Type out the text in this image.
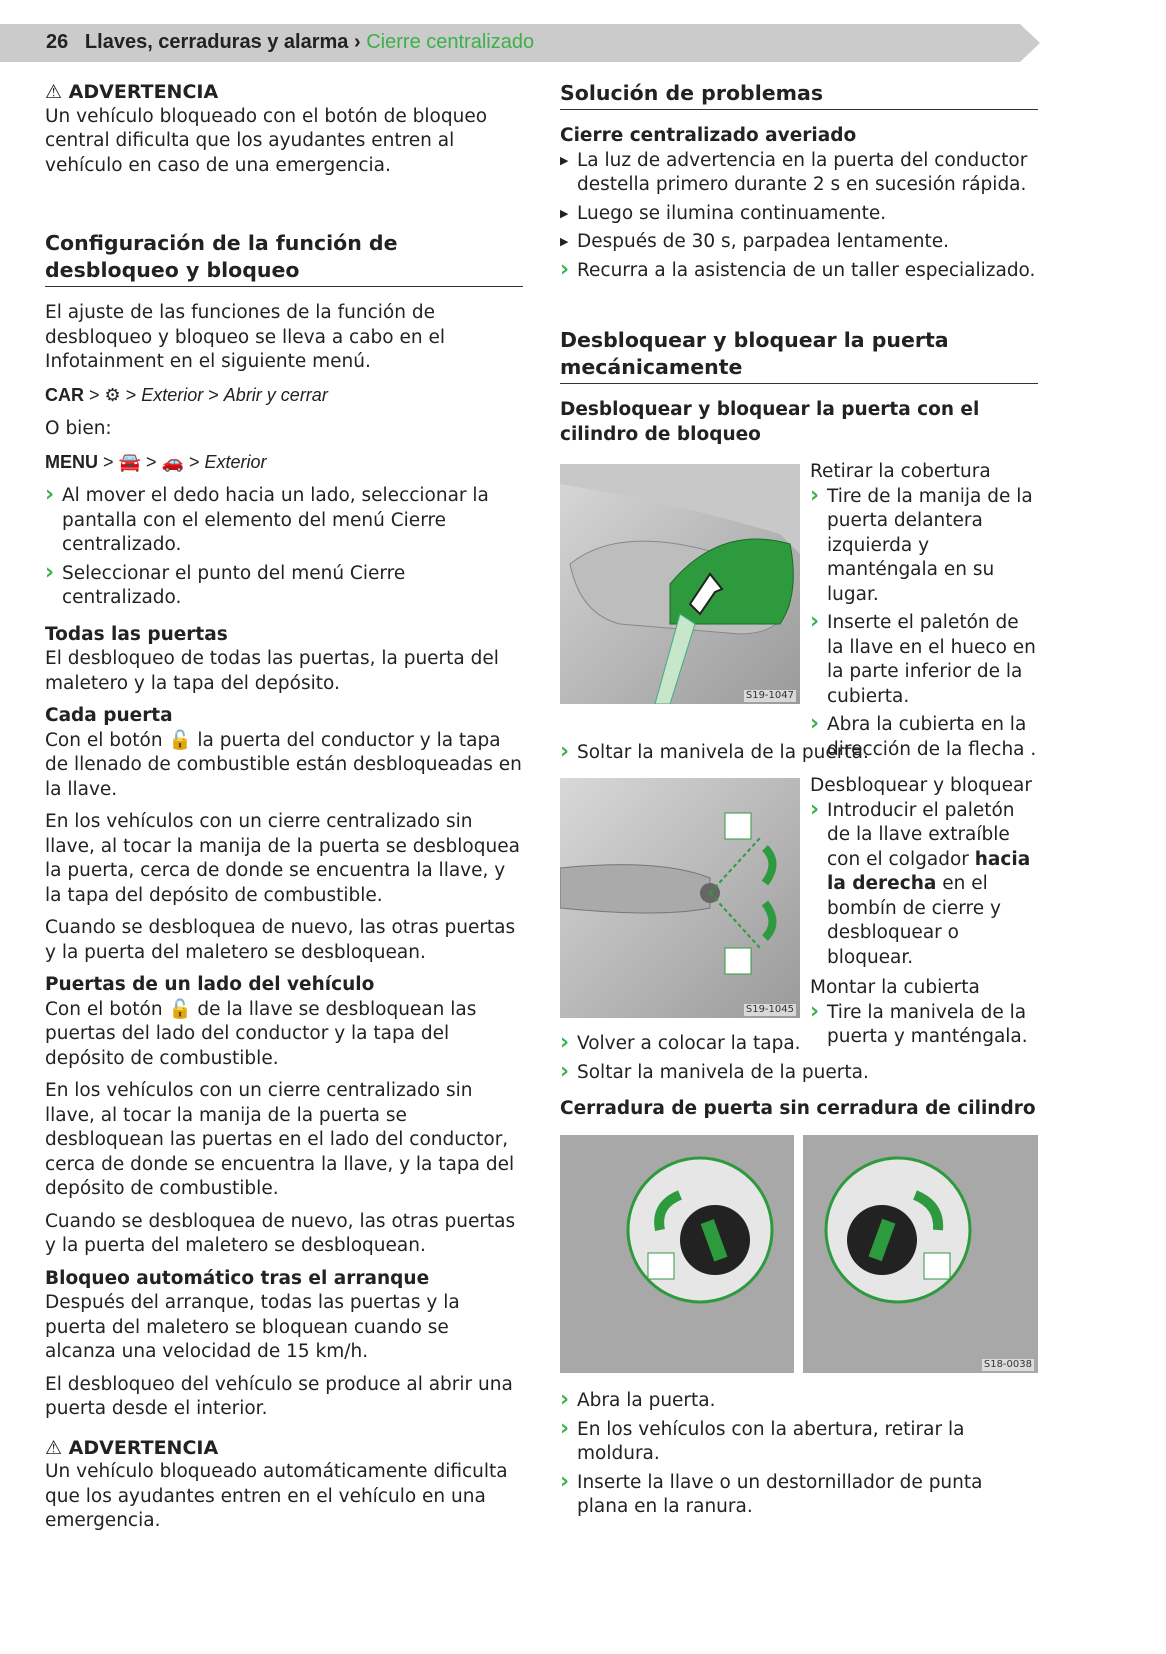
26 Llaves, cerraduras y alarma › Cierre centralizado

⚠ ADVERTENCIA

Un vehículo bloqueado con el botón de bloqueo central dificulta que los ayudantes entren al vehículo en caso de una emergencia.

Configuración de la función de desbloqueo y bloqueo

El ajuste de las funciones de la función de desbloqueo y bloqueo se lleva a cabo en el Infotainment en el siguiente menú.

CAR > ⚙ > Exterior > Abrir y cerrar

O bien:

MENU > 🚘 > 🚗 > Exterior
› Al mover el dedo hacia un lado, seleccionar la pantalla con el elemento del menú Cierre centralizado.
› Seleccionar el punto del menú Cierre centralizado.
Todas las puertas

El desbloqueo de todas las puertas, la puerta del maletero y la tapa del depósito.

Cada puerta

Con el botón 🔓 la puerta del conductor y la tapa de llenado de combustible están desbloqueadas en la llave.

En los vehículos con un cierre centralizado sin llave, al tocar la manija de la puerta se desbloquea la puerta, cerca de donde se encuentra la llave, y la tapa del depósito de combustible.

Cuando se desbloquea de nuevo, las otras puertas y la puerta del maletero se desbloquean.

Puertas de un lado del vehículo

Con el botón 🔓 de la llave se desbloquean las puertas del lado del conductor y la tapa del depósito de combustible.

En los vehículos con un cierre centralizado sin llave, al tocar la manija de la puerta se desbloquean las puertas en el lado del conductor, cerca de donde se encuentra la llave, y la tapa del depósito de combustible.

Cuando se desbloquea de nuevo, las otras puertas y la puerta del maletero se desbloquean.

Bloqueo automático tras el arranque

Después del arranque, todas las puertas y la puerta del maletero se bloquean cuando se alcanza una velocidad de 15 km/h.

El desbloqueo del vehículo se produce al abrir una puerta desde el interior.

⚠ ADVERTENCIA

Un vehículo bloqueado automáticamente dificulta que los ayudantes entren en el vehículo en una emergencia.

Solución de problemas
Cierre centralizado averiado
▶ La luz de advertencia en la puerta del conductor destella primero durante 2 s en sucesión rápida.
▶ Luego se ilumina continuamente.
▶ Después de 30 s, parpadea lentamente.
› Recurra a la asistencia de un taller especializado.
Desbloquear y bloquear la puerta mecánicamente
Desbloquear y bloquear la puerta con el cilindro de bloqueo
S19-1047

Retirar la cobertura

› Tire de la manija de la puerta delantera izquierda y manténgala en su lugar.
› Inserte el paletón de la llave en el hueco en la parte inferior de la cubierta.
› Abra la cubierta en la dirección de la flecha .
› Soltar la manivela de la puerta.
S19-1045

Desbloquear y bloquear

› Introducir el paletón de la llave extraíble con el colgador hacia la derecha en el bombín de cierre y desbloquear o bloquear.

Montar la cubierta

› Tire la manivela de la puerta y manténgala.
› Volver a colocar la tapa.
› Soltar la manivela de la puerta.
Cerradura de puerta sin cerradura de cilindro
S18-0038
› Abra la puerta.
› En los vehículos con la abertura, retirar la moldura.
› Inserte la llave o un destornillador de punta plana en la ranura.
